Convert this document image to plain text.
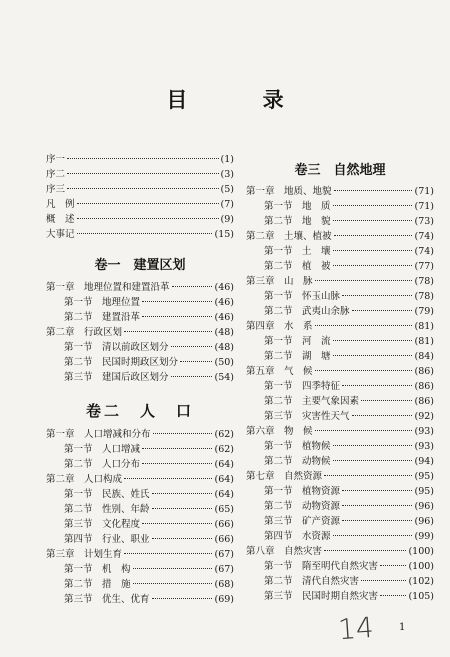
目 录
序一	(1)
序二	(3)
序三	(5)
凡　例	(7)
概　述	(9)
大事记	(15)
卷一　建置区划
第一章　地理位置和建置沿革	(46)
第一节　地理位置	(46)
第二节　建置沿革	(46)
第二章　行政区划	(48)
第一节　清以前政区划分	(48)
第二节　民国时期政区划分	(50)
第三节　建国后政区划分	(54)
卷二　人　口
第一章　人口增减和分布	(62)
第一节　人口增减	(62)
第二节　人口分布	(64)
第二章　人口构成	(64)
第一节　民族、姓氏	(64)
第二节　性别、年龄	(65)
第三节　文化程度	(66)
第四节　行业、职业	(66)
第三章　计划生育	(67)
第一节　机　构	(67)
第二节　措　施	(68)
第三节　优生、优育	(69)
卷三　自然地理
第一章　地质、地貌	(71)
第一节　地　质	(71)
第二节　地　貌	(73)
第二章　土壤、植被	(74)
第一节　土　壤	(74)
第二节　植　被	(77)
第三章　山　脉	(78)
第一节　怀玉山脉	(78)
第二节　武夷山余脉	(79)
第四章　水　系	(81)
第一节　河　流	(81)
第二节　湖　塘	(84)
第五章　气　候	(86)
第一节　四季特征	(86)
第二节　主要气象因素	(86)
第三节　灾害性天气	(92)
第六章　物　候	(93)
第一节　植物候	(93)
第二节　动物候	(94)
第七章　自然资源	(95)
第一节　植物资源	(95)
第二节　动物资源	(96)
第三节　矿产资源	(96)
第四节　水资源	(99)
第八章　自然灾害	(100)
第一节　隋至明代自然灾害	(100)
第二节　清代自然灾害	(102)
第三节　民国时期自然灾害	(105)
14 1
